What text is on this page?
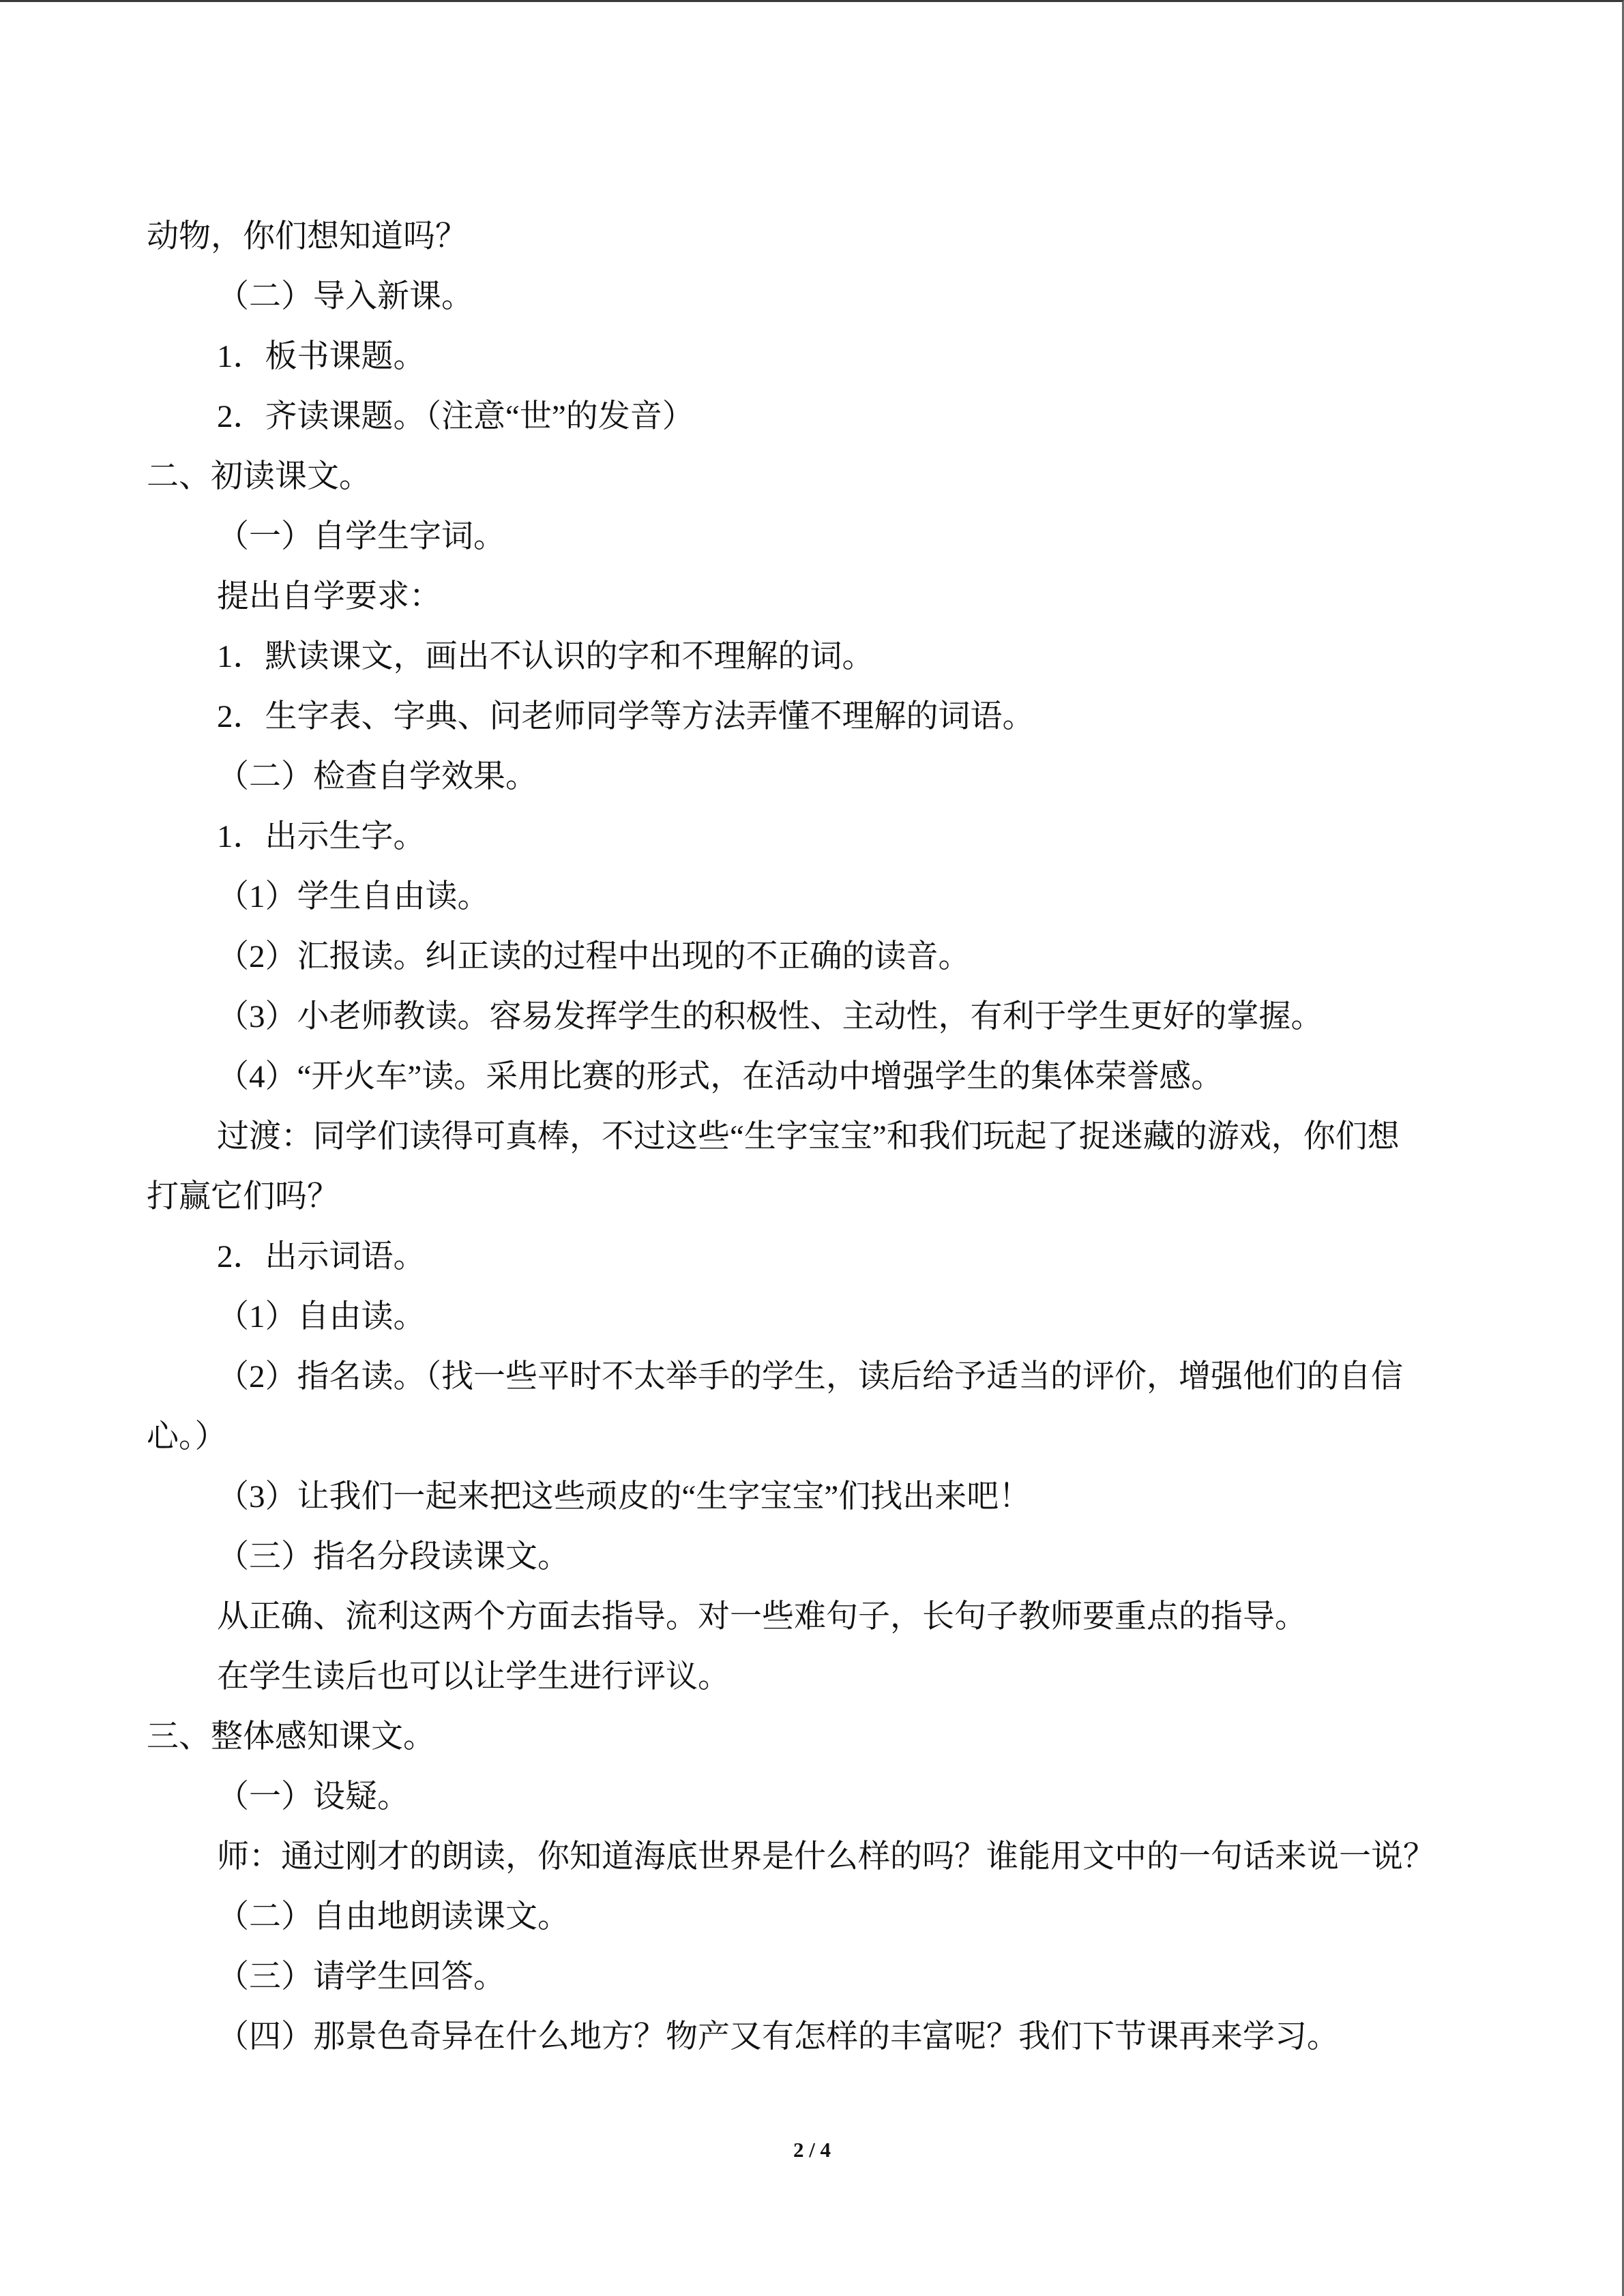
动物，你们想知道吗？
（二）导入新课。
1．板书课题。
2．齐读课题。（注意“世”的发音）
二、初读课文。
（一）自学生字词。
提出自学要求：
1．默读课文，画出不认识的字和不理解的词。
2．生字表、字典、问老师同学等方法弄懂不理解的词语。
（二）检查自学效果。
1．出示生字。
（1）学生自由读。
（2）汇报读。纠正读的过程中出现的不正确的读音。
（3）小老师教读。容易发挥学生的积极性、主动性，有利于学生更好的掌握。
（4）“开火车”读。采用比赛的形式，在活动中增强学生的集体荣誉感。
过渡：同学们读得可真棒，不过这些“生字宝宝”和我们玩起了捉迷藏的游戏，你们想
打赢它们吗？
2．出示词语。
（1）自由读。
（2）指名读。（找一些平时不太举手的学生，读后给予适当的评价，增强他们的自信
心。）
（3）让我们一起来把这些顽皮的“生字宝宝”们找出来吧！
（三）指名分段读课文。
从正确、流利这两个方面去指导。对一些难句子，长句子教师要重点的指导。
在学生读后也可以让学生进行评议。
三、整体感知课文。
（一）设疑。
师：通过刚才的朗读，你知道海底世界是什么样的吗？谁能用文中的一句话来说一说？
（二）自由地朗读课文。
（三）请学生回答。
（四）那景色奇异在什么地方？物产又有怎样的丰富呢？我们下节课再来学习。
2 / 4
